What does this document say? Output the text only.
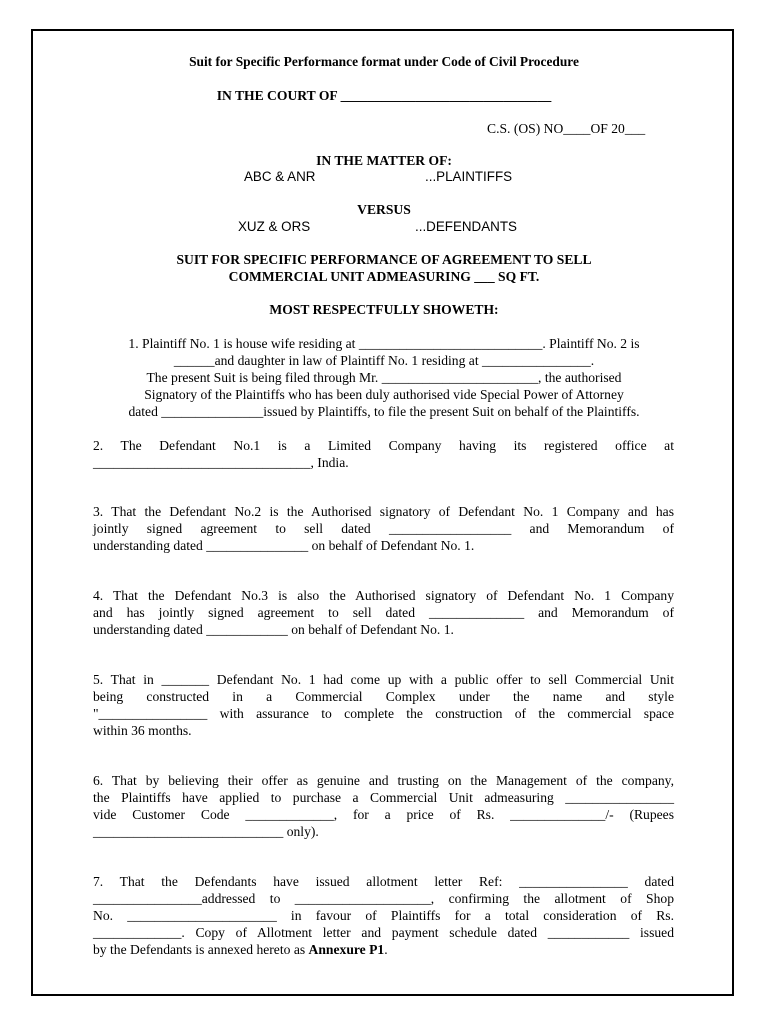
Suit for Specific Performance format under Code of Civil Procedure
IN THE COURT OF _______________________________
C.S. (OS) NO____OF 20___
IN THE MATTER OF:
ABC & ANR	...PLAINTIFFS
VERSUS
XUZ & ORS	...DEFENDANTS
SUIT FOR SPECIFIC PERFORMANCE OF AGREEMENT TO SELL
COMMERCIAL UNIT ADMEASURING ___ SQ FT.
MOST RESPECTFULLY SHOWETH:
1. Plaintiff No. 1 is house wife residing at ___________________________. Plaintiff No. 2 is
______and daughter in law of Plaintiff No. 1 residing at ________________.
The present Suit is being filed through Mr. _______________________, the authorised
Signatory of the Plaintiffs who has been duly authorised vide Special Power of Attorney
dated _______________issued by Plaintiffs, to file the present Suit on behalf of the Plaintiffs.
2. The Defendant No.1 is a Limited Company having its registered office at
________________________________, India.
3. That the Defendant No.2 is the Authorised signatory of Defendant No. 1 Company and has
jointly signed agreement to sell dated __________________ and Memorandum of
understanding dated _______________ on behalf of Defendant No. 1.
4. That the Defendant No.3 is also the Authorised signatory of Defendant No. 1 Company
and has jointly signed agreement to sell dated ______________ and Memorandum of
understanding dated ____________ on behalf of Defendant No. 1.
5. That in _______ Defendant No. 1 had come up with a public offer to sell Commercial Unit
being constructed in a Commercial Complex under the name and style
"________________ with assurance to complete the construction of the commercial space
within 36 months.
6. That by believing their offer as genuine and trusting on the Management of the company,
the Plaintiffs have applied to purchase a Commercial Unit admeasuring ________________
vide Customer Code _____________, for a price of Rs. ______________/- (Rupees
____________________________ only).
7. That the Defendants have issued allotment letter Ref: ________________ dated
________________addressed to ____________________, confirming the allotment of Shop
No. ______________________ in favour of Plaintiffs for a total consideration of Rs.
_____________. Copy of Allotment letter and payment schedule dated ____________ issued
by the Defendants is annexed hereto as Annexure P1.
